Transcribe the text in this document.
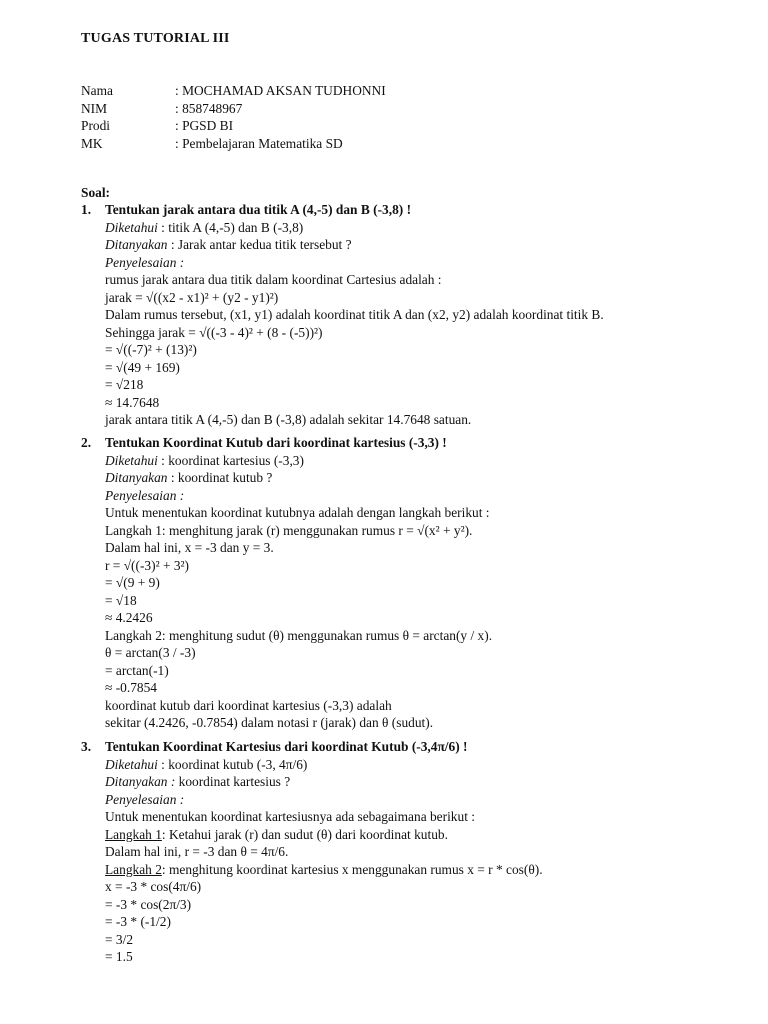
TUGAS TUTORIAL III
Nama	: MOCHAMAD AKSAN TUDHONNI
NIM	: 858748967
Prodi	: PGSD BI
MK	: Pembelajaran Matematika SD
Soal:
1.	Tentukan jarak antara dua titik A (4,-5) dan B (-3,8) !
Diketahui : titik A (4,-5) dan B (-3,8)
Ditanyakan : Jarak antar kedua titik tersebut ?
Penyelesaian :
rumus jarak antara dua titik dalam koordinat Cartesius adalah :
jarak = √((x2 - x1)² + (y2 - y1)²)
Dalam rumus tersebut, (x1, y1) adalah koordinat titik A dan (x2, y2) adalah koordinat titik B.
Sehingga jarak = √((-3 - 4)² + (8 - (-5))²)
= √((-7)² + (13)²)
= √(49 + 169)
= √218
≈ 14.7648
jarak antara titik A (4,-5) dan B (-3,8) adalah sekitar 14.7648 satuan.
2.	Tentukan Koordinat Kutub dari koordinat kartesius (-3,3) !
Diketahui : koordinat kartesius (-3,3)
Ditanyakan : koordinat kutub ?
Penyelesaian :
Untuk menentukan koordinat kutubnya adalah dengan langkah berikut :
Langkah 1: menghitung jarak (r) menggunakan rumus r = √(x² + y²).
Dalam hal ini, x = -3 dan y = 3.
r = √((-3)² + 3²)
= √(9 + 9)
= √18
≈ 4.2426
Langkah 2: menghitung sudut (θ) menggunakan rumus θ = arctan(y / x).
θ = arctan(3 / -3)
= arctan(-1)
≈ -0.7854
koordinat kutub dari koordinat kartesius (-3,3) adalah
sekitar (4.2426, -0.7854) dalam notasi r (jarak) dan θ (sudut).
3.	Tentukan Koordinat Kartesius dari koordinat Kutub (-3,4π/6) !
Diketahui : koordinat kutub (-3, 4π/6)
Ditanyakan : koordinat kartesius ?
Penyelesaian :
Untuk menentukan koordinat kartesiusnya ada sebagaimana berikut :
Langkah 1: Ketahui jarak (r) dan sudut (θ) dari koordinat kutub.
Dalam hal ini, r = -3 dan θ = 4π/6.
Langkah 2: menghitung koordinat kartesius x menggunakan rumus x = r * cos(θ).
x = -3 * cos(4π/6)
= -3 * cos(2π/3)
= -3 * (-1/2)
= 3/2
= 1.5
